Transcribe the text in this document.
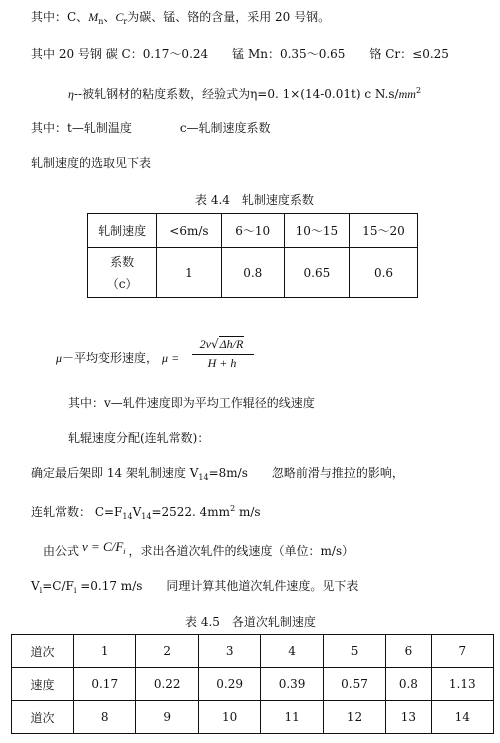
其中：C、$M_n$、$C_r$为碳、锰、铬的含量，采用 20 号钢。
其中 20 号钢 碳 C：0.17～0.24　　锰 Mn：0.35～0.65　　铬 Cr：≤0.25
η--被轧钢材的粘度系数，经验式为η=0. 1×(14-0.01t) c $N.s/mm^2$
其中：t—轧制温度　　　　c—轧制速度系数
轧制速度的选取见下表
表 4.4　轧制速度系数
轧制速度	<6m/s	6～10	10～15	15～20

系数
（c）	1	0.8	0.65	0.6
μ－平均变形速度， μ =
2v√Δh/R
H + h
其中：v—轧件速度即为平均工作辊径的线速度
轧辊速度分配(连轧常数)：
确定最后架即 14 架轧制速度 $V_{14}=8m/s$　　忽略前滑与推拉的影响，
连轧常数： $C=F_{14}V_{14}=2522$. $4mm^2$ m/s
由公式 $v = C/F_i$ ，求出各道次轧件的线速度（单位：m/s）
$V_i=C/F_i =0.17$ m/s　　同理计算其他道次轧件速度。见下表
表 4.5　各道次轧制速度
道次	1	2	3	4	5	6	7
速度	0.17	0.22	0.29	0.39	0.57	0.8	1.13
道次	8	9	10	11	12	13	14
